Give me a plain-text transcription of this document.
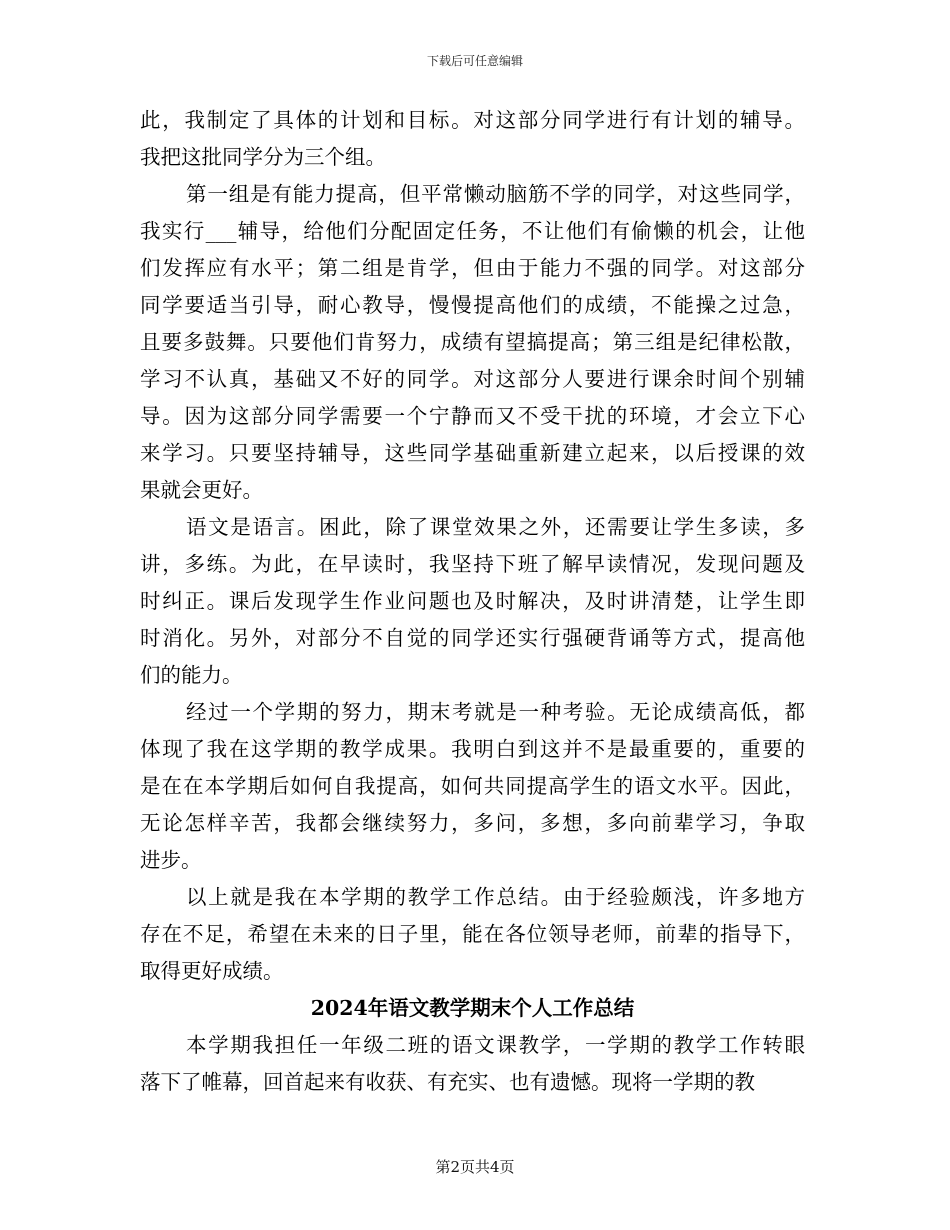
下载后可任意编辑
此，我制定了具体的计划和目标。对这部分同学进行有计划的辅导。
我把这批同学分为三个组。
第一组是有能力提高，但平常懒动脑筋不学的同学，对这些同学，
我实行___辅导，给他们分配固定任务，不让他们有偷懒的机会，让他
们发挥应有水平；第二组是肯学，但由于能力不强的同学。对这部分
同学要适当引导，耐心教导，慢慢提高他们的成绩，不能操之过急，
且要多鼓舞。只要他们肯努力，成绩有望搞提高；第三组是纪律松散，
学习不认真，基础又不好的同学。对这部分人要进行课余时间个别辅
导。因为这部分同学需要一个宁静而又不受干扰的环境，才会立下心
来学习。只要坚持辅导，这些同学基础重新建立起来，以后授课的效
果就会更好。
语文是语言。困此，除了课堂效果之外，还需要让学生多读，多
讲，多练。为此，在早读时，我坚持下班了解早读情况，发现问题及
时纠正。课后发现学生作业问题也及时解决，及时讲清楚，让学生即
时消化。另外，对部分不自觉的同学还实行强硬背诵等方式，提高他
们的能力。
经过一个学期的努力，期末考就是一种考验。无论成绩高低，都
体现了我在这学期的教学成果。我明白到这并不是最重要的，重要的
是在在本学期后如何自我提高，如何共同提高学生的语文水平。因此，
无论怎样辛苦，我都会继续努力，多问，多想，多向前辈学习，争取
进步。
以上就是我在本学期的教学工作总结。由于经验颇浅，许多地方
存在不足，希望在未来的日子里，能在各位领导老师，前辈的指导下，
取得更好成绩。
2024年语文教学期末个人工作总结
本学期我担任一年级二班的语文课教学，一学期的教学工作转眼
落下了帷幕，回首起来有收获、有充实、也有遗憾。现将一学期的教
第2页共4页
